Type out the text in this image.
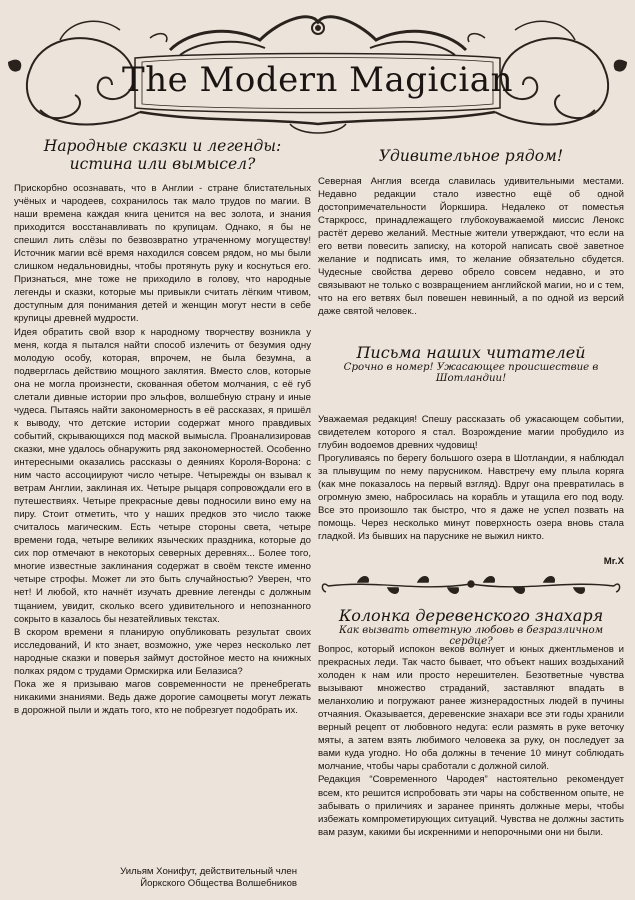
The Modern Magician
Народные сказки и легенды:
истина или вымысел?

Прискорбно осознавать, что в Англии - стране блистательных учёных и чародеев, сохранилось так мало трудов по магии. В наши времена каждая книга ценится на вес золота, и знания приходится восстанавливать по крупицам. Однако, я бы не спешил лить слёзы по безвозвратно утраченному могуществу! Источник магии всё время находился совсем рядом, но мы были слишком недальновидны, чтобы протянуть руку и коснуться его. Признаться, мне тоже не приходило в голову, что народные легенды и сказки, которые мы привыкли считать лёгким чтивом, доступным для понимания детей и женщин могут нести в себе крупицы древней мудрости.

Идея обратить свой взор к народному творчеству возникла у меня, когда я пытался найти способ излечить от безумия одну молодую особу, которая, впрочем, не была безумна, а подверглась действию мощного заклятия. Вместо слов, которые она не могла произнести, скованная обетом молчания, с её губ слетали дивные истории про эльфов, волшебную страну и иные чудеса. Пытаясь найти закономерность в её рассказах, я пришёл к выводу, что детские истории содержат много правдивых событий, скрывающихся под маской вымысла. Проанализировав сказки, мне удалось обнаружить ряд закономерностей. Особенно интересными оказались рассказы о деяниях Короля-Ворона: с ним часто ассоциируют число четыре. Четырежды он взывал к ветрам Англии, заклиная их. Четыре рыцаря сопровождали его в путешествиях. Четыре прекрасные девы подносили вино ему на пиру. Стоит отметить, что у наших предков это число также считалось магическим. Есть четыре стороны света, четыре времени года, четыре великих языческих праздника, которые до сих пор отмечают в некоторых северных деревнях... Более того, многие известные заклинания содержат в своём тексте именно четыре строфы. Может ли это быть случайностью? Уверен, что нет! И любой, кто начнёт изучать древние легенды с должным тщанием, увидит, сколько всего удивительного и непознанного сокрыто в казалось бы незатейливых текстах.

В скором времени я планирую опубликовать результат своих исследований, И кто знает, возможно, уже через несколько лет народные сказки и поверья займут достойное место на книжных полках рядом с трудами Ормскирка или Белазиса?

Пока же я призываю магов современности не пренебрегать никакими знаниями. Ведь даже дорогие самоцветы могут лежать в дорожной пыли и ждать того, кто не побрезгует подобрать их.

Уильям Хонифут, действительный член
Йоркского Общества Волшебников
Удивительное рядом!

Северная Англия всегда славилась удивительными местами. Недавно редакции стало известно ещё об одной достопримечательности Йоркшира. Недалеко от поместья Старкросс, принадлежащего глубокоуважаемой миссис Ленокс растёт дерево желаний. Местные жители утверждают, что если на его ветви повесить записку, на которой написать своё заветное желание и подписать имя, то желание обязательно сбудется. Чудесные свойства дерево обрело совсем недавно, и это связывают не только с возвращением английской магии, но и с тем, что на его ветвях был повешен невинный, а по одной из версий даже святой человек..

Письма наших читателей
Срочно в номер! Ужасающее происшествие в Шотландии!

Уважаемая редакция! Спешу рассказать об ужасающем событии, свидетелем которого я стал. Возрождение магии пробудило из глубин водоемов древних чудовищ!

Прогуливаясь по берегу большого озера в Шотландии, я наблюдал за плывущим по нему парусником. Навстречу ему плыла коряга (как мне показалось на первый взгляд). Вдруг она превратилась в огромную змею, набросилась на корабль и утащила его под воду. Все это произошло так быстро, что я даже не успел позвать на помощь. Через несколько минут поверхность озера вновь стала гладкой. Из бывших на паруснике не выжил никто.

Mr.X
Колонка деревенского знахаря
Как вызвать ответную любовь в безразличном сердце?

Вопрос, который испокон веков волнует и юных джентльменов и прекрасных леди. Так часто бывает, что объект наших воздыханий холоден к нам или просто нерешителен. Безответные чувства вызывают множество страданий, заставляют впадать в меланхолию и погружают ранее жизнерадостных людей в пучины отчаяния. Оказывается, деревенские знахари все эти годы хранили верный рецепт от любовного недуга: если размять в руке веточку мяты, а затем взять любимого человека за руку, он последует за вами куда угодно. Но оба должны в течение 10 минут соблюдать молчание, чтобы чары сработали с должной силой.

Редакция “Современного Чародея” настоятельно рекомендует всем, кто решится испробовать эти чары на собственном опыте, не забывать о приличиях и заранее принять должные меры, чтобы избежать компрометирующих ситуаций. Чувства не должны застить вам разум, какими бы искренними и непорочными они ни были.
